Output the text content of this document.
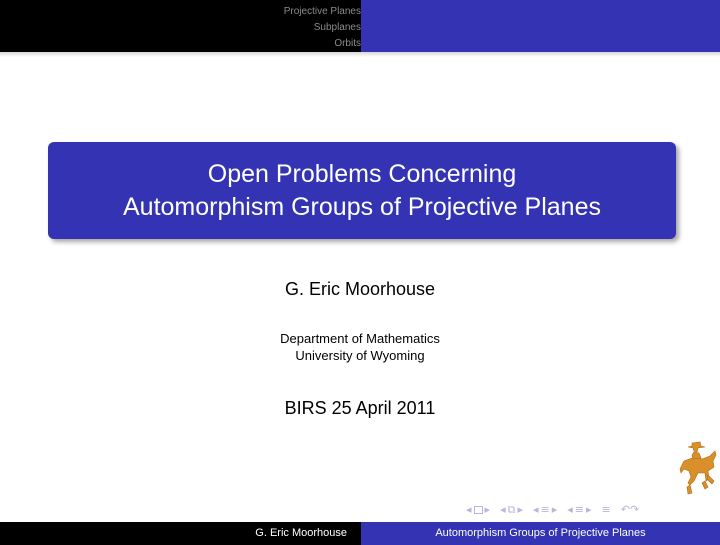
Projective Planes
Subplanes
Orbits
Open Problems Concerning
Automorphism Groups of Projective Planes
G. Eric Moorhouse
Department of Mathematics
University of Wyoming
BIRS 25 April 2011
◂ ▸ ◂ ⧉ ▸ ◂ ≡ ▸ ◂ ≡ ▸ ≡ ↶↷
G. Eric Moorhouse	Automorphism Groups of Projective Planes
